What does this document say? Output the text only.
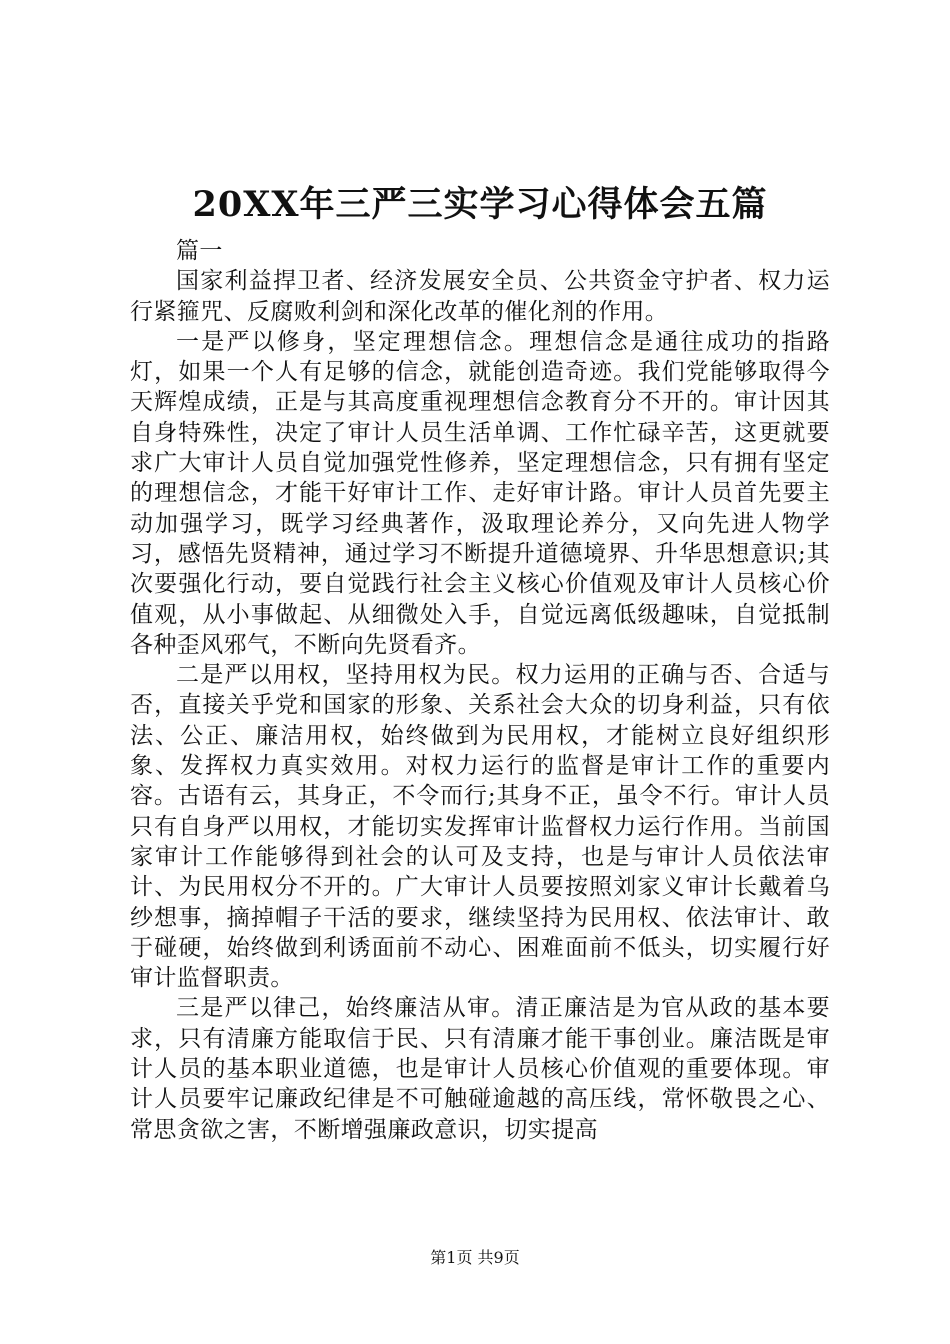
20XX年三严三实学习心得体会五篇

篇一

国家利益捍卫者、经济发展安全员、公共资金守护者、权力运行紧箍咒、反腐败利剑和深化改革的催化剂的作用。

一是严以修身，坚定理想信念。理想信念是通往成功的指路灯，如果一个人有足够的信念，就能创造奇迹。我们党能够取得今天辉煌成绩，正是与其高度重视理想信念教育分不开的。审计因其自身特殊性，决定了审计人员生活单调、工作忙碌辛苦，这更就要求广大审计人员自觉加强党性修养，坚定理想信念，只有拥有坚定的理想信念，才能干好审计工作、走好审计路。审计人员首先要主动加强学习，既学习经典著作，汲取理论养分，又向先进人物学习，感悟先贤精神，通过学习不断提升道德境界、升华思想意识;其次要强化行动，要自觉践行社会主义核心价值观及审计人员核心价值观，从小事做起、从细微处入手，自觉远离低级趣味，自觉抵制各种歪风邪气，不断向先贤看齐。

二是严以用权，坚持用权为民。权力运用的正确与否、合适与否，直接关乎党和国家的形象、关系社会大众的切身利益，只有依法、公正、廉洁用权，始终做到为民用权，才能树立良好组织形象、发挥权力真实效用。对权力运行的监督是审计工作的重要内容。古语有云，其身正，不令而行;其身不正，虽令不行。审计人员只有自身严以用权，才能切实发挥审计监督权力运行作用。当前国家审计工作能够得到社会的认可及支持，也是与审计人员依法审计、为民用权分不开的。广大审计人员要按照刘家义审计长戴着乌纱想事，摘掉帽子干活的要求，继续坚持为民用权、依法审计、敢于碰硬，始终做到利诱面前不动心、困难面前不低头，切实履行好审计监督职责。

三是严以律己，始终廉洁从审。清正廉洁是为官从政的基本要求，只有清廉方能取信于民、只有清廉才能干事创业。廉洁既是审计人员的基本职业道德，也是审计人员核心价值观的重要体现。审计人员要牢记廉政纪律是不可触碰逾越的高压线，常怀敬畏之心、常思贪欲之害，不断增强廉政意识，切实提高

第1页 共9页
